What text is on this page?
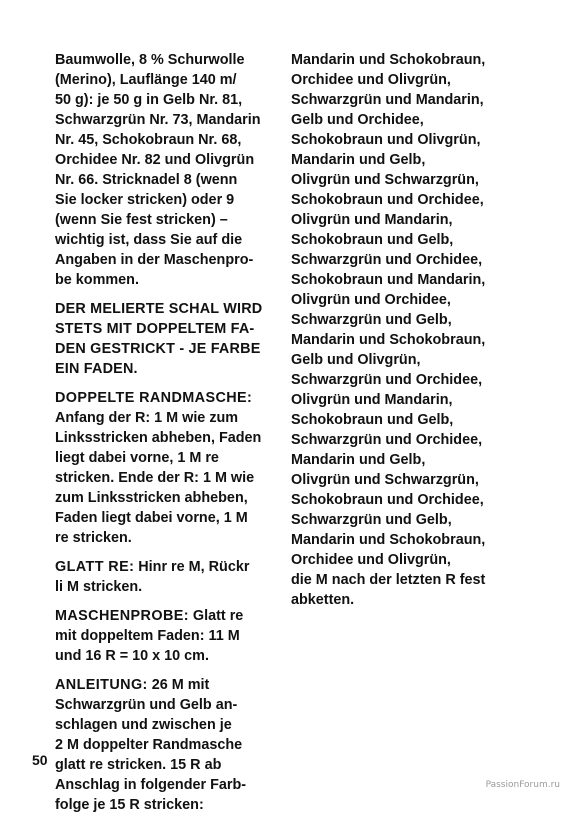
Baumwolle, 8 % Schurwolle
(Merino), Lauflänge 140 m/
50 g): je 50 g in Gelb Nr. 81,
Schwarzgrün Nr. 73, Mandarin
Nr. 45, Schokobraun Nr. 68,
Orchidee Nr. 82 und Olivgrün
Nr. 66. Stricknadel 8 (wenn
Sie locker stricken) oder 9
(wenn Sie fest stricken) –
wichtig ist, dass Sie auf die
Angaben in der Maschenpro-
be kommen.
DER MELIERTE SCHAL WIRD
STETS MIT DOPPELTEM FA-
DEN GESTRICKT - JE FARBE
EIN FADEN.
DOPPELTE RANDMASCHE:
Anfang der R: 1 M wie zum
Linksstricken abheben, Faden
liegt dabei vorne, 1 M re
stricken. Ende der R: 1 M wie
zum Linksstricken abheben,
Faden liegt dabei vorne, 1 M
re stricken.
GLATT RE: Hinr re M, Rückr
li M stricken.
MASCHENPROBE: Glatt re
mit doppeltem Faden: 11 M
und 16 R = 10 x 10 cm.
ANLEITUNG: 26 M mit
Schwarzgrün und Gelb an-
schlagen und zwischen je
2 M doppelter Randmasche
glatt re stricken. 15 R ab
Anschlag in folgender Farb-
folge je 15 R stricken:
Mandarin und Schokobraun,
Orchidee und Olivgrün,
Schwarzgrün und Mandarin,
Gelb und Orchidee,
Schokobraun und Olivgrün,
Mandarin und Gelb,
Olivgrün und Schwarzgrün,
Schokobraun und Orchidee,
Olivgrün und Mandarin,
Schokobraun und Gelb,
Schwarzgrün und Orchidee,
Schokobraun und Mandarin,
Olivgrün und Orchidee,
Schwarzgrün und Gelb,
Mandarin und Schokobraun,
Gelb und Olivgrün,
Schwarzgrün und Orchidee,
Olivgrün und Mandarin,
Schokobraun und Gelb,
Schwarzgrün und Orchidee,
Mandarin und Gelb,
Olivgrün und Schwarzgrün,
Schokobraun und Orchidee,
Schwarzgrün und Gelb,
Mandarin und Schokobraun,
Orchidee und Olivgrün,
die M nach der letzten R fest
abketten.
50
PassionForum.ru
